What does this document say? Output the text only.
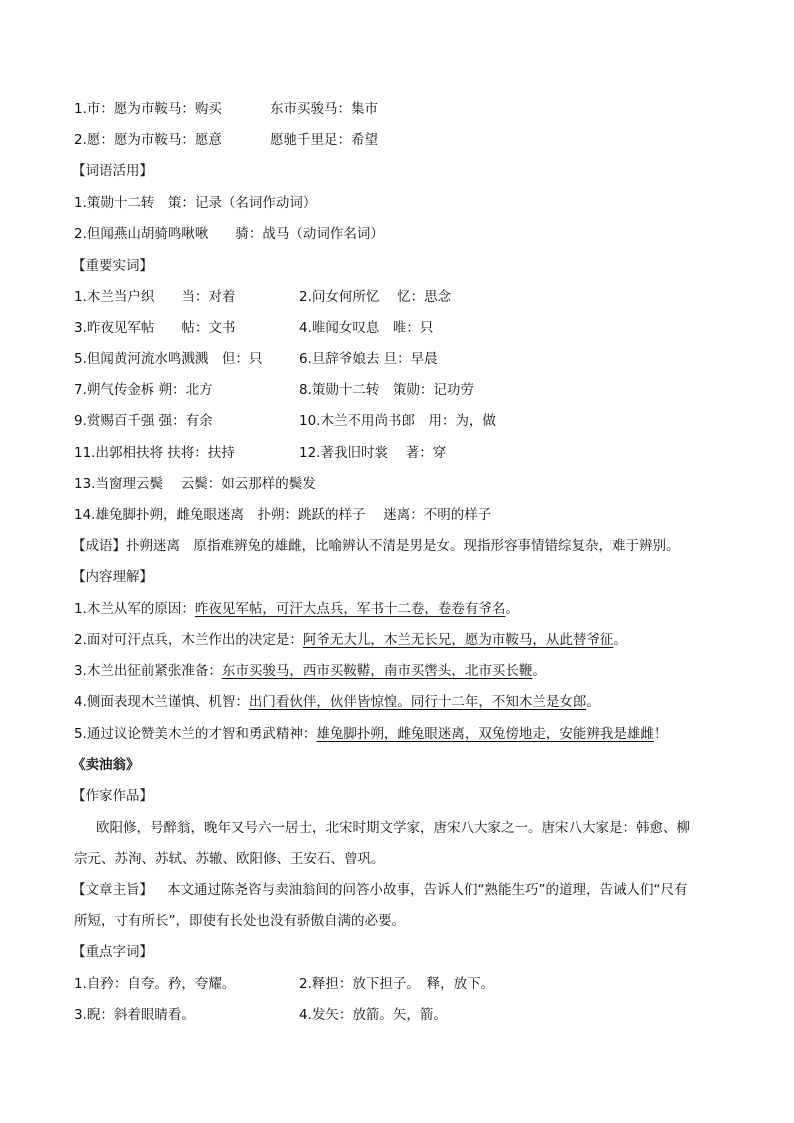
1.市：愿为市鞍马：购买	东市买骏马：集市
2.愿：愿为市鞍马：愿意	愿驰千里足：希望
【词语活用】
1.策勋十二转　策：记录（名词作动词）
2.但闻燕山胡骑鸣啾啾　　骑：战马（动词作名词）
【重要实词】
1.木兰当户织　　当：对着	2.问女何所忆　 忆：思念
3.昨夜见军帖　　帖：文书	4.唯闻女叹息　唯：只
5.但闻黄河流水鸣溅溅　但：只	6.旦辞爷娘去 旦：早晨
7.朔气传金柝 朔：北方	8.策勋十二转　策勋：记功劳
9.赏赐百千强 强：有余	10.木兰不用尚书郎　用：为，做
11.出郭相扶将 扶将：扶持	12.著我旧时裳　 著：穿
13.当窗理云鬓　 云鬓：如云那样的鬓发
14.雄兔脚扑朔，雌兔眼迷离　扑朔：跳跃的样子　 迷离：不明的样子
【成语】扑朔迷离　原指难辨兔的雄雌，比喻辨认不清是男是女。现指形容事情错综复杂，难于辨别。
【内容理解】
1.木兰从军的原因：昨夜见军帖，可汗大点兵，军书十二卷，卷卷有爷名。
2.面对可汗点兵，木兰作出的决定是：阿爷无大儿，木兰无长兄，愿为市鞍马，从此替爷征。
3.木兰出征前紧张准备：东市买骏马，西市买鞍鞯，南市买辔头，北市买长鞭。
4.侧面表现木兰谨慎、机智：出门看伙伴，伙伴皆惊惶。同行十二年，不知木兰是女郎。
5.通过议论赞美木兰的才智和勇武精神：雄兔脚扑朔，雌兔眼迷离，双兔傍地走，安能辨我是雄雌！
《卖油翁》
【作家作品】
欧阳修，号醉翁，晚年又号六一居士，北宋时期文学家，唐宋八大家之一。唐宋八大家是：韩愈、柳
宗元、苏洵、苏轼、苏辙、欧阳修、王安石、曾巩。
【文章主旨】 本文通过陈尧咨与卖油翁间的问答小故事，告诉人们“熟能生巧”的道理，告诫人们“尺有
所短，寸有所长”，即使有长处也没有骄傲自满的必要。
【重点字词】
1.自矜：自夸。矜，夸耀。	2.释担：放下担子。　释，放下。
3.睨：斜着眼睛看。	4.发矢：放箭。矢，箭。
